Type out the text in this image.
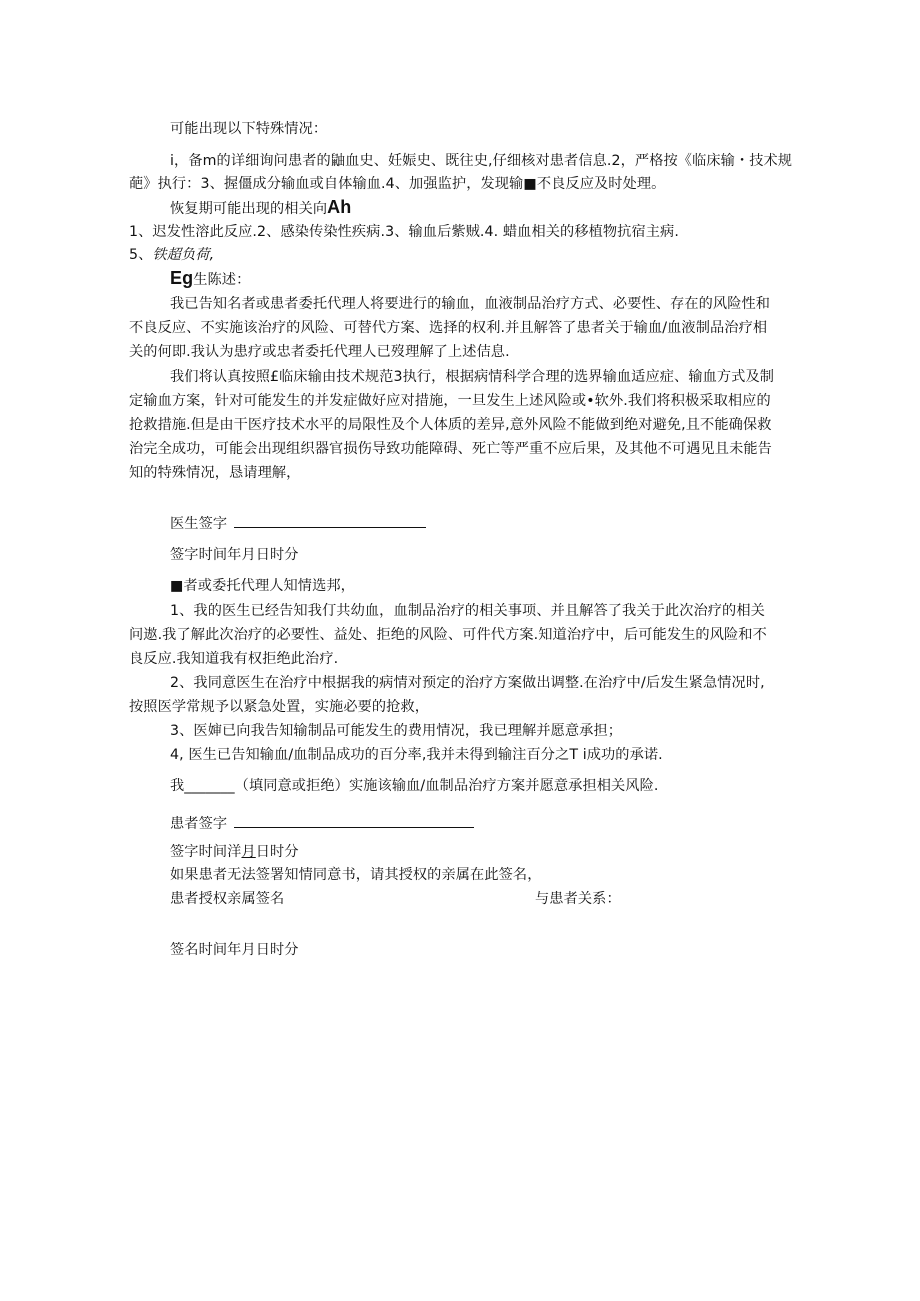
可能出现以下特殊情况：
i，备m的详细询问患者的鼬血史、妊娠史、既往史,仔细核对患者信息.2，严格按《临床输・技术规
葩》执行：3、握僵成分输血或自体输血.4、加强监护，发现输■不良反应及时处理。
恢复期可能出现的相关向Ah
1、迟发性溶此反应.2、感染传染性疾病.3、输血后紫贼.4. 蜡血相关的移植物抗宿主病.
5、铁超负荷,
Eg生陈述：
我已告知名者或患者委托代理人将要进行的输血，血液制品治疗方式、必要性、存在的风险性和
不良反应、不实施该治疗的风险、可替代方案、选择的权利.并且解答了患者关于输血/血液制品治疗相
关的何即.我认为患疗或忠者委托代理人已歿理解了上述佶息.
我们将认真按照£临床输由技术规范3执行，根据病情科学合理的选界输血适应症、输血方式及制
定输血方案，针对可能发生的并发症做好应对措施，一旦发生上述风险或•软外.我们将积极采取相应的
抢救措施.但是由干医疗技术水平的局限性及个人体质的差异,意外风险不能做到绝对避免,且不能确保救
治完全成功，可能会出现组织器官损伤导致功能障碍、死亡等严重不应后果，及其他不可遇见且未能告
知的特殊情况，恳请理解，
医生签字
签字时间年月日时分
■者或委托代理人知情选邦，
1、我的医生已经告知我仃共幼血，血制品治疗的相关事项、并且解答了我关于此次治疗的相关
问遨.我了解此次治疗的必要性、益处、拒绝的风险、可件代方案.知道治疗中，后可能发生的风险和不
良反应.我知道我有权拒绝此治疗.
2、我同意医生在治疗中根据我的病情对预定的治疗方案做出调整.在治疗中/后发生紧急情况时,
按照医学常规予以紧急处置，实施必要的抢救，
3、医婶已向我告知输制品可能发生的费用情况，我已理解并愿意承担；
4, 医生已告知输血/血制品成功的百分率,我并未得到输注百分之T i成功的承诺.
我_______（填同意或拒绝）实施该输血/血制品治疗方案并愿意承担相关风险.
患者签字
签字时间洋月日时分
如果患者无法签署知情同意书，请其授权的亲属在此签名，
患者授权亲属签名	与患者关系：
签名时间年月日时分
